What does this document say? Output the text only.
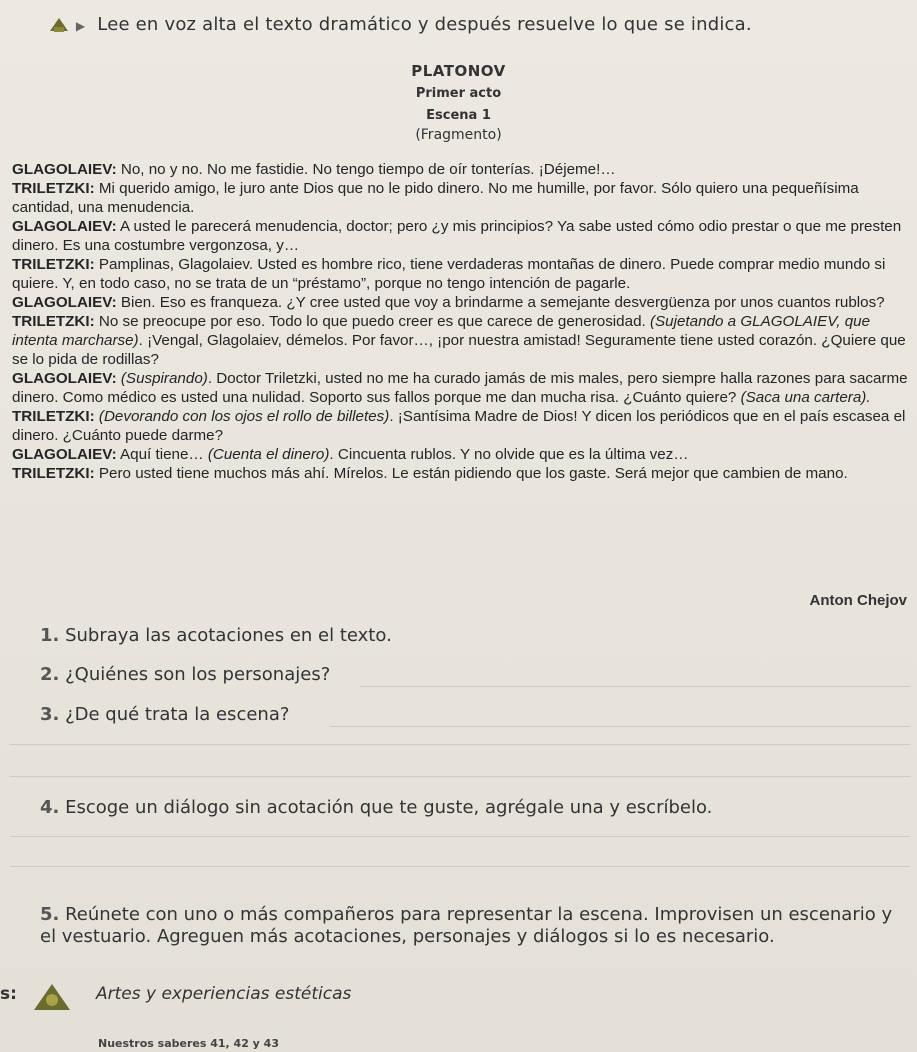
▶ Lee en voz alta el texto dramático y después resuelve lo que se indica.
PLATONOV
Primer acto
Escena 1
(Fragmento)

GLAGOLAIEV: No, no y no. No me fastidie. No tengo tiempo de oír tonterías. ¡Déjeme!…

TRILETZKI: Mi querido amigo, le juro ante Dios que no le pido dinero. No me humille, por favor. Sólo quiero una pequeñísima cantidad, una menudencia.

GLAGOLAIEV: A usted le parecerá menudencia, doctor; pero ¿y mis principios? Ya sabe usted cómo odio prestar o que me presten dinero. Es una costumbre vergonzosa, y…

TRILETZKI: Pamplinas, Glagolaiev. Usted es hombre rico, tiene verdaderas montañas de dinero. Puede comprar medio mundo si quiere. Y, en todo caso, no se trata de un “préstamo”, porque no tengo intención de pagarle.

GLAGOLAIEV: Bien. Eso es franqueza. ¿Y cree usted que voy a brindarme a semejante desvergüenza por unos cuantos rublos?

TRILETZKI: No se preocupe por eso. Todo lo que puedo creer es que carece de generosidad. (Sujetando a GLAGOLAIEV, que intenta marcharse). ¡Vengal, Glagolaiev, démelos. Por favor…, ¡por nuestra amistad! Seguramente tiene usted corazón. ¿Quiere que se lo pida de rodillas?

GLAGOLAIEV: (Suspirando). Doctor Triletzki, usted no me ha curado jamás de mis males, pero siempre halla razones para sacarme dinero. Como médico es usted una nulidad. Soporto sus fallos porque me dan mucha risa. ¿Cuánto quiere? (Saca una cartera).

TRILETZKI: (Devorando con los ojos el rollo de billetes). ¡Santísima Madre de Dios! Y dicen los periódicos que en el país escasea el dinero. ¿Cuánto puede darme?

GLAGOLAIEV: Aquí tiene… (Cuenta el dinero). Cincuenta rublos. Y no olvide que es la última vez…

TRILETZKI: Pero usted tiene muchos más ahí. Mírelos. Le están pidiendo que los gaste. Será mejor que cambien de mano.

Anton Chejov
1. Subraya las acotaciones en el texto.
2. ¿Quiénes son los personajes?
3. ¿De qué trata la escena?
4. Escoge un diálogo sin acotación que te guste, agrégale una y escríbelo.
5. Reúnete con uno o más compañeros para representar la escena. Improvisen un escenario y el vestuario. Agreguen más acotaciones, personajes y diálogos si lo es necesario.
s:	Artes y experiencias estéticas
Nuestros saberes 41, 42 y 43
